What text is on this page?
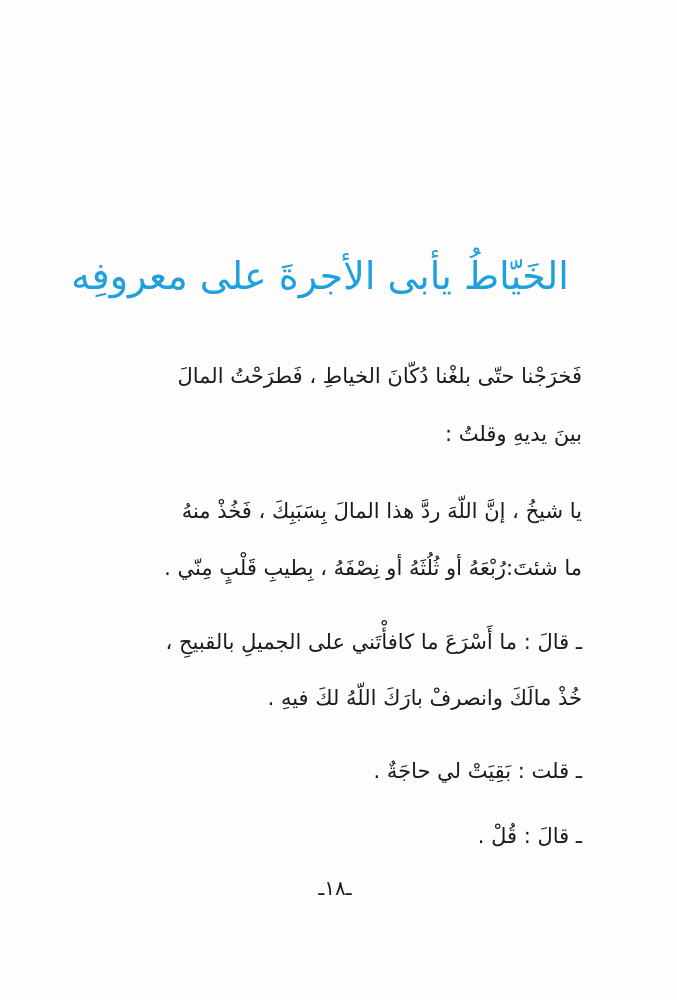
الخَيّاطُ يأبى الأجرةَ على معروفِه

فَخرَجْنا حتّى بلغْنا دُكّانَ الخياطِ ، فَطرَحْتُ المالَ

بينَ يديهِ وقلتُ :

يا شيخُ ، إنَّ اللّهَ ردَّ هذا المالَ بِسَبَبِكَ ، فَخُذْ منهُ

ما شئتَ:رُبْعَهُ أو ثُلُثَهُ أو نِصْفَهُ ، بِطيبِ قَلْبٍ مِنّي .

ـ قالَ : ما أَسْرَعَ ما كافأْتَني على الجميلِ بالقبيحِ ،

خُذْ مالَكَ وانصرفْ بارَكَ اللّهُ لكَ فيهِ .

ـ قلت : بَقِيَتْ لي حاجَةٌ .

ـ قالَ : قُلْ .

ـ١٨ـ
